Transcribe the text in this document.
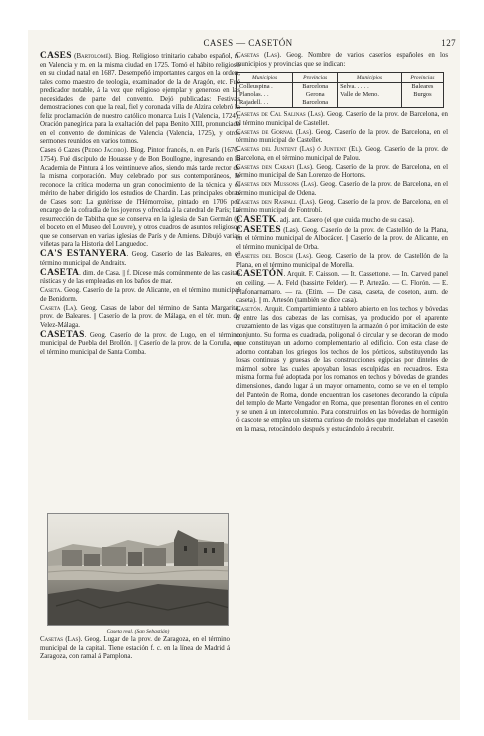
CASES — CASETÓN	127

CASES (Bartolomé). Biog. Religioso trinitario cababo español, n. en Valencia y m. en la misma ciudad en 1725. Tomó el hábito religioso en su ciudad natal en 1687. Desempeñó importantes cargos en la orden, tales como maestro de teología, examinador de la de Aragón, etc. Fué predicador notable, á la vez que religioso ejemplar y generoso en las necesidades de parte del convento. Dejó publicadas: Festivas demostraciones con que la real, fiel y coronada villa de Alzira celebró la feliz proclamación de nuestro católico monarca Luis I (Valencia, 1724); Oración panegírica para la exaltación del papa Benito XIII, pronunciada en el convento de dominicas de Valencia (Valencia, 1725), y otros sermones reunidos en varios tomos.

Cases ó Cazes (Pedro Jacobo). Biog. Pintor francés, n. en París (1676-1754). Fué discípulo de Houasse y de Bon Boullogne, ingresando en la Academia de Pintura á los veintinueve años, siendo más tarde rector de la misma corporación. Muy celebrado por sus contemporáneos, le reconoce la crítica moderna un gran conocimiento de la técnica y el mérito de haber dirigido los estudios de Chardin. Las principales obras de Cases son: La gutérisse de l'Hémorroïse, pintado en 1706 por encargo de la cofradía de los joyeros y ofrecida á la catedral de París; La resurrección de Tabitha que se conserva en la iglesia de San Germán (y el boceto en el Museo del Louvre), y otros cuadros de asuntos religiosos que se conservan en varias iglesias de París y de Amiens. Dibujó varias viñetas para la Historia del Languedoc.

CA'S ESTANYERA. Geog. Caserío de las Baleares, en el término municipal de Andraitx.

CASETA. dim. de Casa. || f. Dícese más comúnmente de las casitas rústicas y de las empleadas en los baños de mar.

Caseta. Geog. Caserío de la prov. de Alicante, en el término municipal de Benidorm.

Caseta (La). Geog. Casas de labor del término de Santa Margarita, prov. de Baleares. || Caserío de la prov. de Málaga, en el tér. mun. de Velez-Málaga.

CASETAS. Geog. Caserío de la prov. de Lugo, en el término municipal de Puebla del Brollón. || Caserío de la prov. de la Coruña, en el término municipal de Santa Comba.

Casetas (Las). Geog. Nombre de varios caseríos españoles en los municipios y provincias que se indican:

Municipios	Provincias	Municipios	Provincias
Colleuspina .	Barcelona	Selva. . . . .	Baleares
Planolas. . .	Gerona	Valle de Meno.	Burgos
Rajadell. . .	Barcelona		

Casetas de Cal Salinas (Las). Geog. Caserío de la prov. de Barcelona, en el término municipal de Castellet.

Casetas de Gornal (Las). Geog. Caserío de la prov. de Barcelona, en el término municipal de Castellet.

Casetas del Juntent (Las) ó Juntent (El). Geog. Caserío de la prov. de Barcelona, en el término municipal de Palou.

Casetas den Carafi (Las). Geog. Caserío de la prov. de Barcelona, en el término municipal de San Lorenzo de Hortons.

Casetas den Mussons (Las). Geog. Caserío de la prov. de Barcelona, en el término municipal de Odena.

Casetas den Raspall (Las). Geog. Caserío de la prov. de Barcelona, en el término municipal de Fontrobí.

CASETK. adj. ant. Casero (el que cuida mucho de su casa).

CASETES (Las). Geog. Caserío de la prov. de Castellón de la Plana, en el término municipal de Albocácer. || Caserío de la prov. de Alicante, en el término municipal de Orba.

Casetes del Bosch (Las). Geog. Caserío de la prov. de Castellón de la Plana, en el término municipal de Morella.

CASETÓN. Arquit. F. Caisson. — It. Cassettone. — In. Carved panel en ceiling. — A. Feld (bassirte Felder). — P. Artezão. — C. Florón. — E. Plafonarnamaro. — ra. (Etim. — De casa, caseta, de coseton, aum. de caseta). || m. Artesón (también se dice casa).

Casetón. Arquit. Compartimiento á tablero abierto en los techos y bóvedas ó entre las dos cabezas de las cornisas, ya producido por el aparente cruzamiento de las vigas que constituyen la armazón ó por imitación de este conjunto. Su forma es cuadrada, poligonal ó circular y se decoran de modo que constituyan un adorno complementario al edificio. Con esta clase de adorno contaban los griegos los techos de los pórticos, substituyendo las losas continuas y gruesas de las construcciones egipcias por dinteles de mármol sobre las cuales apoyaban losas esculpidas en recuadros. Esta misma forma fué adoptada por los romanos en techos y bóvedas de grandes dimensiones, dando lugar á un mayor ornamento, como se ve en el templo del Panteón de Roma, donde encuentran los casetones decorando la cúpula del templo de Marte Vengador en Roma, que presentan florones en el centro y se unen á un intercolumnio. Para construirlos en las bóvedas de hormigón ó cascote se emplea un sistema curioso de moldes que modelaban el casetón en la masa, retocándolo después y estucándolo á recubrir.

Caseta real. (San Sebastián)

Casetas (Las). Geog. Lugar de la prov. de Zaragoza, en el término municipal de la capital. Tiene estación f. c. en la línea de Madrid á Zaragoza, con ramal á Pamplona.
